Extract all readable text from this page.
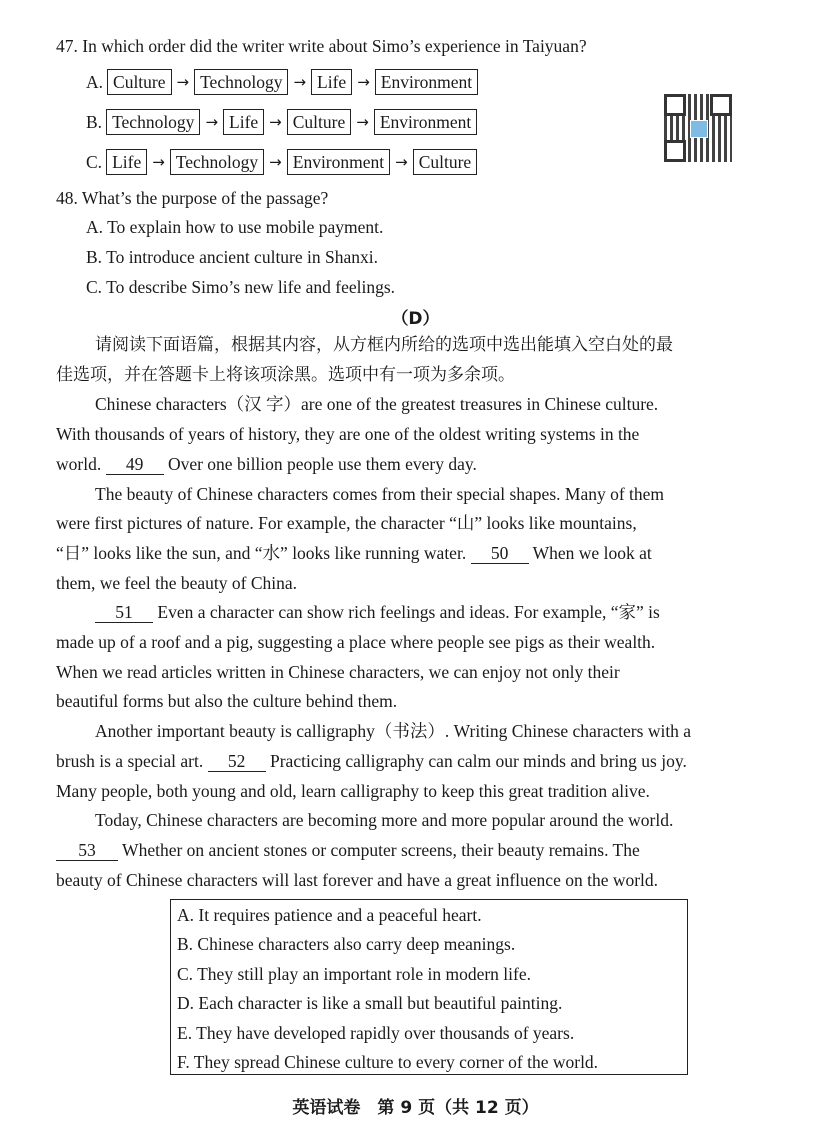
47. In which order did the writer write about Simo’s experience in Taiyuan?
A. Culture → Technology → Life → Environment
B. Technology → Life → Culture → Environment
C. Life → Technology → Environment → Culture
48. What’s the purpose of the passage?
A. To explain how to use mobile payment.
B. To introduce ancient culture in Shanxi.
C. To describe Simo’s new life and feelings.
（D）
请阅读下面语篇，根据其内容，从方框内所给的选项中选出能填入空白处的最
佳选项，并在答题卡上将该项涂黑。选项中有一项为多余项。
Chinese characters（汉 字）are one of the greatest treasures in Chinese culture.
With thousands of years of history, they are one of the oldest writing systems in the
world. 49 Over one billion people use them every day.
The beauty of Chinese characters comes from their special shapes. Many of them
were first pictures of nature. For example, the character “山” looks like mountains,
“日” looks like the sun, and “水” looks like running water. 50 When we look at
them, we feel the beauty of China.
51 Even a character can show rich feelings and ideas. For example, “家” is
made up of a roof and a pig, suggesting a place where people see pigs as their wealth.
When we read articles written in Chinese characters, we can enjoy not only their
beautiful forms but also the culture behind them.
Another important beauty is calligraphy（书法）. Writing Chinese characters with a
brush is a special art. 52 Practicing calligraphy can calm our minds and bring us joy.
Many people, both young and old, learn calligraphy to keep this great tradition alive.
Today, Chinese characters are becoming more and more popular around the world.
53 Whether on ancient stones or computer screens, their beauty remains. The
beauty of Chinese characters will last forever and have a great influence on the world.
A. It requires patience and a peaceful heart.
B. Chinese characters also carry deep meanings.
C. They still play an important role in modern life.
D. Each character is like a small but beautiful painting.
E. They have developed rapidly over thousands of years.
F. They spread Chinese culture to every corner of the world.
英语试卷　第 9 页（共 12 页）
